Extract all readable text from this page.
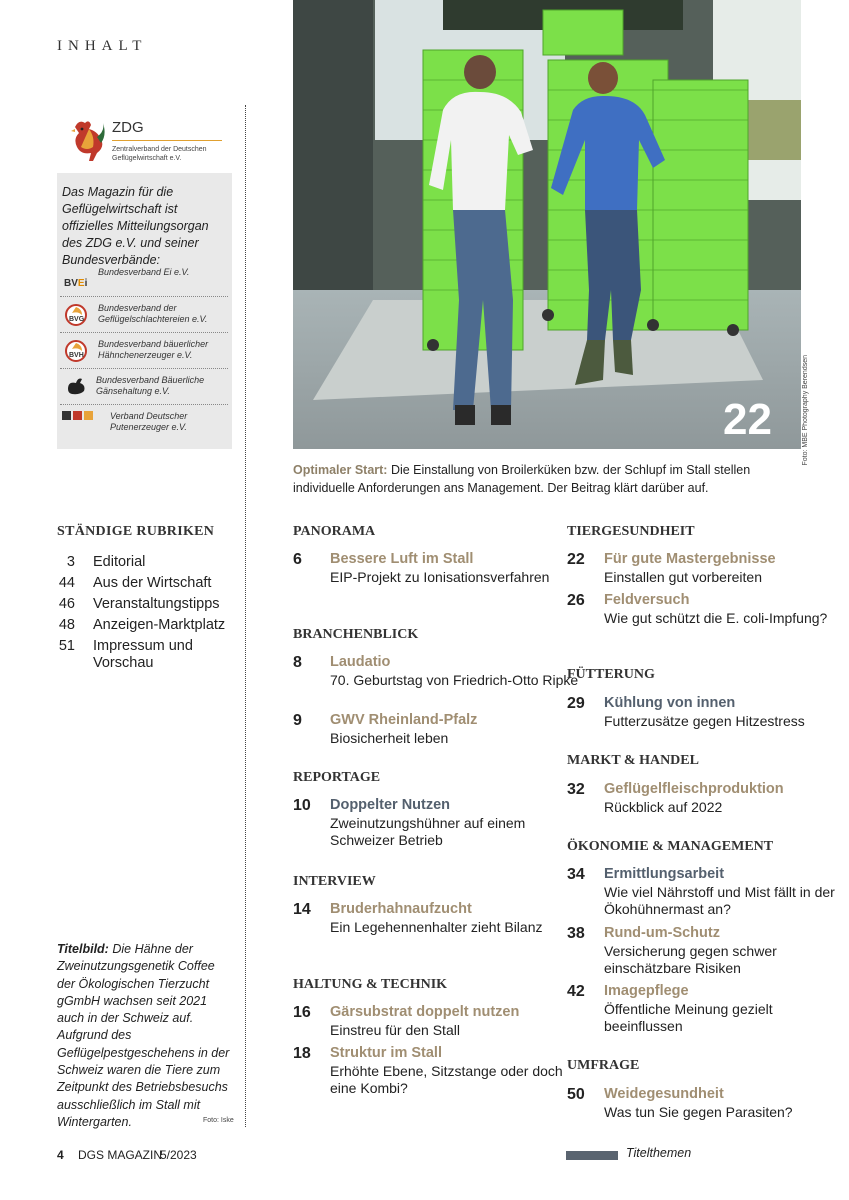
INHALT
ZDG
Zentralverband der Deutschen Geflügelwirtschaft e.V.
Das Magazin für die Geflügelwirtschaft ist offizielles Mitteilungsorgan des ZDG e.V. und seiner Bundesverbände:
$_{BVEi}$
Bundesverband Ei e.V.
BVG
Bundesverband der Geflügelschlachtereien e.V.
BVH
Bundesverband bäuerlicher Hähnchenerzeuger e.V.
Bundesverband Bäuerliche Gänsehaltung e.V.
Verband Deutscher Putenerzeuger e.V.
STÄNDIGE RUBRIKEN
3 Editorial
44 Aus der Wirtschaft
46 Veranstaltungstipps
48 Anzeigen-Marktplatz
51 Impressum und Vorschau
22	Foto: MBE Photography Berendsen
Optimaler Start: Die Einstallung von Broilerküken bzw. der Schlupf im Stall stellen individuelle Anforderungen ans Management. Der Beitrag klärt darüber auf.
PANORAMA
6 Bessere Luft im Stall
EIP-Projekt zu Ionisationsverfahren
BRANCHENBLICK
8 Laudatio
70. Geburtstag von Friedrich-Otto Ripke
9 GWV Rheinland-Pfalz
Biosicherheit leben
REPORTAGE
10 Doppelter Nutzen
Zweinutzungshühner auf einem Schweizer Betrieb
INTERVIEW
14 Bruderhahnaufzucht
Ein Legehennenhalter zieht Bilanz
HALTUNG & TECHNIK
16 Gärsubstrat doppelt nutzen
Einstreu für den Stall
18 Struktur im Stall
Erhöhte Ebene, Sitzstange oder doch eine Kombi?
TIERGESUNDHEIT
22 Für gute Mastergebnisse
Einstallen gut vorbereiten
26 Feldversuch
Wie gut schützt die E. coli-Impfung?
FÜTTERUNG
29 Kühlung von innen
Futterzusätze gegen Hitzestress
MARKT & HANDEL
32 Geflügelfleischproduktion
Rückblick auf 2022
ÖKONOMIE & MANAGEMENT
34 Ermittlungsarbeit
Wie viel Nährstoff und Mist fällt in der Ökohühnermast an?
38 Rund-um-Schutz
Versicherung gegen schwer einschätzbare Risiken
42 Imagepflege
Öffentliche Meinung gezielt beeinflussen
UMFRAGE
50 Weidegesundheit
Was tun Sie gegen Parasiten?
Titelbild: Die Hähne der Zweinutzungsgenetik Coffee der Ökologischen Tierzucht gGmbH wachsen seit 2021 auch in der Schweiz auf. Aufgrund des Geflügelpestgeschehens in der Schweiz waren die Tiere zum Zeitpunkt des Betriebsbesuchs ausschließlich im Stall mit Wintergarten.	Foto: Iske
4 DGS MAGAZIN
5/2023	Titelthemen
